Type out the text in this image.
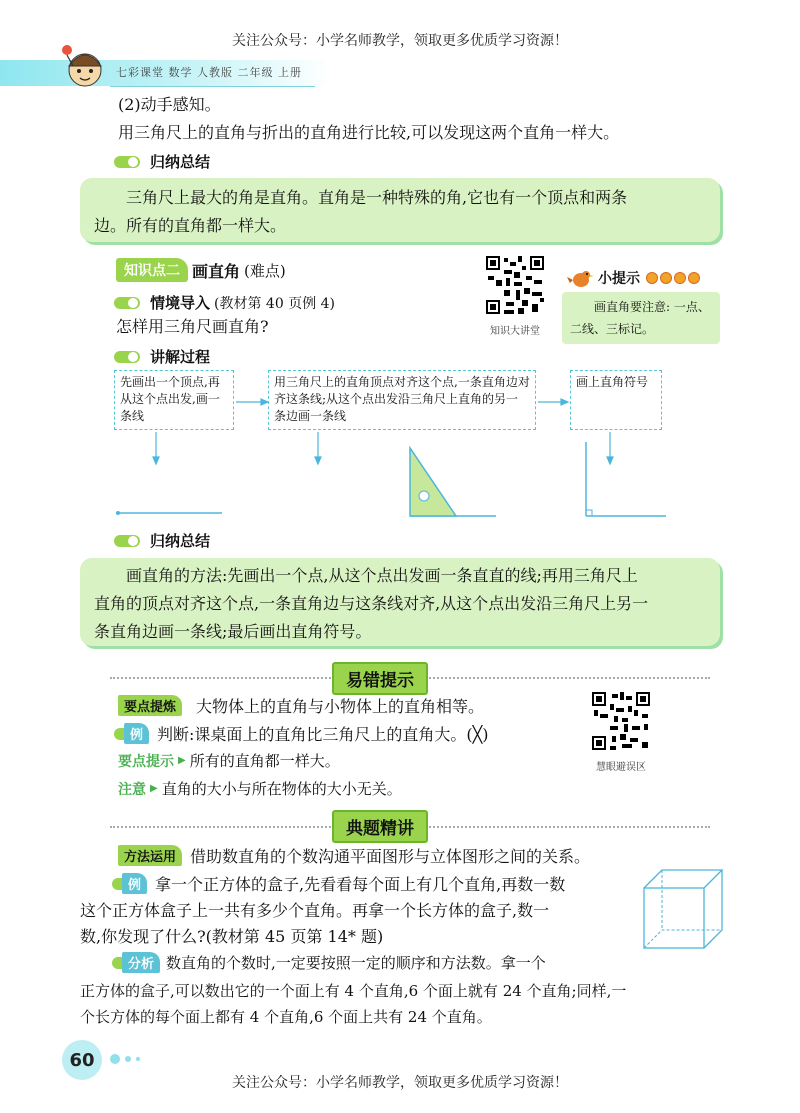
关注公众号：小学名师教学，领取更多优质学习资源！
七彩课堂 数学 人教版 二年级 上册
(2)动手感知。
用三角尺上的直角与折出的直角进行比较,可以发现这两个直角一样大。
归纳总结

三角尺上最大的角是直角。直角是一种特殊的角,它也有一个顶点和两条

边。所有的直角都一样大。

知识点二 画直角 (难点)
情境导入 (教材第 40 页例 4)
怎样用三角尺画直角?
讲解过程
知识大讲堂
小提示
画直角要注意: 一点、二线、三标记。
先画出一个顶点,再从这个点出发,画一条线
用三角尺上的直角顶点对齐这个点,一条直角边对齐这条线;从这个点出发沿三角尺上直角的另一条边画一条线
画上直角符号
归纳总结

画直角的方法:先画出一个点,从这个点出发画一条直直的线;再用三角尺上

直角的顶点对齐这个点,一条直角边与这条线对齐,从这个点出发沿三角尺上另一

条直角边画一条线;最后画出直角符号。

易错提示
要点提炼	大物体上的直角与小物体上的直角相等。
例 判断:课桌面上的直角比三角尺上的直角大。(╳)
要点提示 ▶ 所有的直角都一样大。
注意 ▶ 直角的大小与所在物体的大小无关。
慧眼避误区
典题精讲
方法运用 借助数直角的个数沟通平面图形与立体图形之间的关系。
例 拿一个正方体的盒子,先看看每个面上有几个直角,再数一数
这个正方体盒子上一共有多少个直角。再拿一个长方体的盒子,数一
数,你发现了什么?(教材第 45 页第 14* 题)
分析 数直角的个数时,一定要按照一定的顺序和方法数。拿一个
正方体的盒子,可以数出它的一个面上有 4 个直角,6 个面上就有 24 个直角;同样,一
个长方体的每个面上都有 4 个直角,6 个面上共有 24 个直角。
60
关注公众号：小学名师教学，领取更多优质学习资源！
